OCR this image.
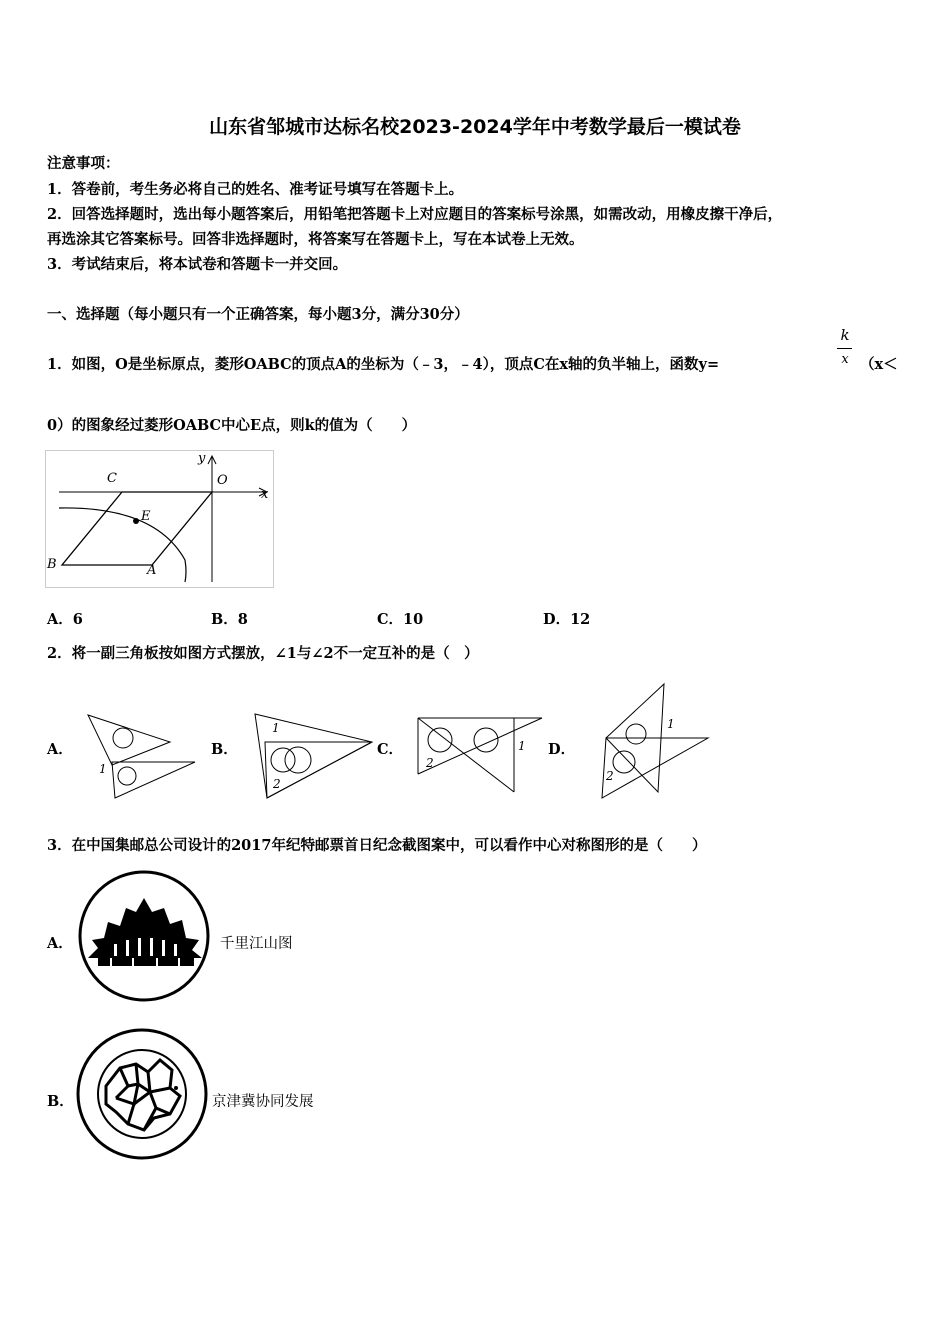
山东省邹城市达标名校2023-2024学年中考数学最后一模试卷
注意事项：
1．答卷前，考生务必将自己的姓名、准考证号填写在答题卡上。
2．回答选择题时，选出每小题答案后，用铅笔把答题卡上对应题目的答案标号涂黑，如需改动，用橡皮擦干净后，
再选涂其它答案标号。回答非选择题时，将答案写在答题卡上，写在本试卷上无效。
3．考试结束后，将本试卷和答题卡一并交回。
一、选择题（每小题只有一个正确答案，每小题3分，满分30分）
1．如图，O是坐标原点，菱形OABC的顶点A的坐标为（﹣3，﹣4），顶点C在x轴的负半轴上，函数y=
k
x （x＜
0）的图象经过菱形OABC中心E点，则k的值为（　　）
C	O
x
y
E
B	A
A．6	B．8	C．10	D．12
2．将一副三角板按如图方式摆放，∠1与∠2不一定互补的是（　）
A．
1
B．
1
2
C．	1
2
D．
1
2
3．在中国集邮总公司设计的2017年纪特邮票首日纪念截图案中，可以看作中心对称图形的是（　　）
A．	千里江山图
B．	京津冀协同发展
